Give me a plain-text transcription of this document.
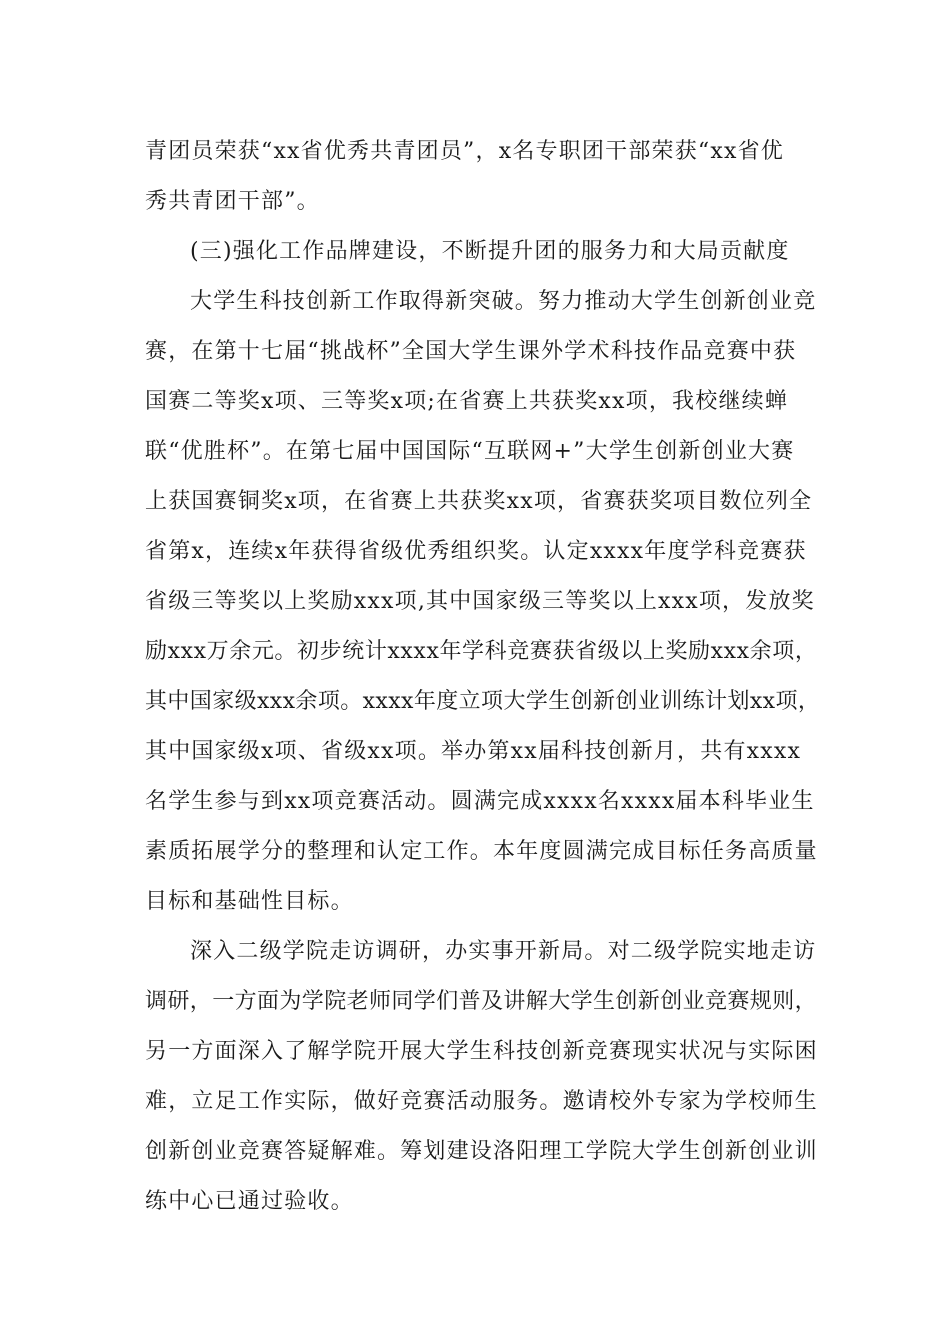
青团员荣获“xx省优秀共青团员”，x名专职团干部荣获“xx省优
秀共青团干部”。
(三)强化工作品牌建设，不断提升团的服务力和大局贡献度
大学生科技创新工作取得新突破。努力推动大学生创新创业竞
赛，在第十七届“挑战杯”全国大学生课外学术科技作品竞赛中获
国赛二等奖x项、三等奖x项;在省赛上共获奖xx项，我校继续蝉
联“优胜杯”。在第七届中国国际“互联网+”大学生创新创业大赛
上获国赛铜奖x项，在省赛上共获奖xx项，省赛获奖项目数位列全
省第x，连续x年获得省级优秀组织奖。认定xxxx年度学科竞赛获
省级三等奖以上奖励xxx项,其中国家级三等奖以上xxx项，发放奖
励xxx万余元。初步统计xxxx年学科竞赛获省级以上奖励xxx余项，
其中国家级xxx余项。xxxx年度立项大学生创新创业训练计划xx项，
其中国家级x项、省级xx项。举办第xx届科技创新月，共有xxxx
名学生参与到xx项竞赛活动。圆满完成xxxx名xxxx届本科毕业生
素质拓展学分的整理和认定工作。本年度圆满完成目标任务高质量
目标和基础性目标。
深入二级学院走访调研，办实事开新局。对二级学院实地走访
调研，一方面为学院老师同学们普及讲解大学生创新创业竞赛规则，
另一方面深入了解学院开展大学生科技创新竞赛现实状况与实际困
难，立足工作实际，做好竞赛活动服务。邀请校外专家为学校师生
创新创业竞赛答疑解难。筹划建设洛阳理工学院大学生创新创业训
练中心已通过验收。
